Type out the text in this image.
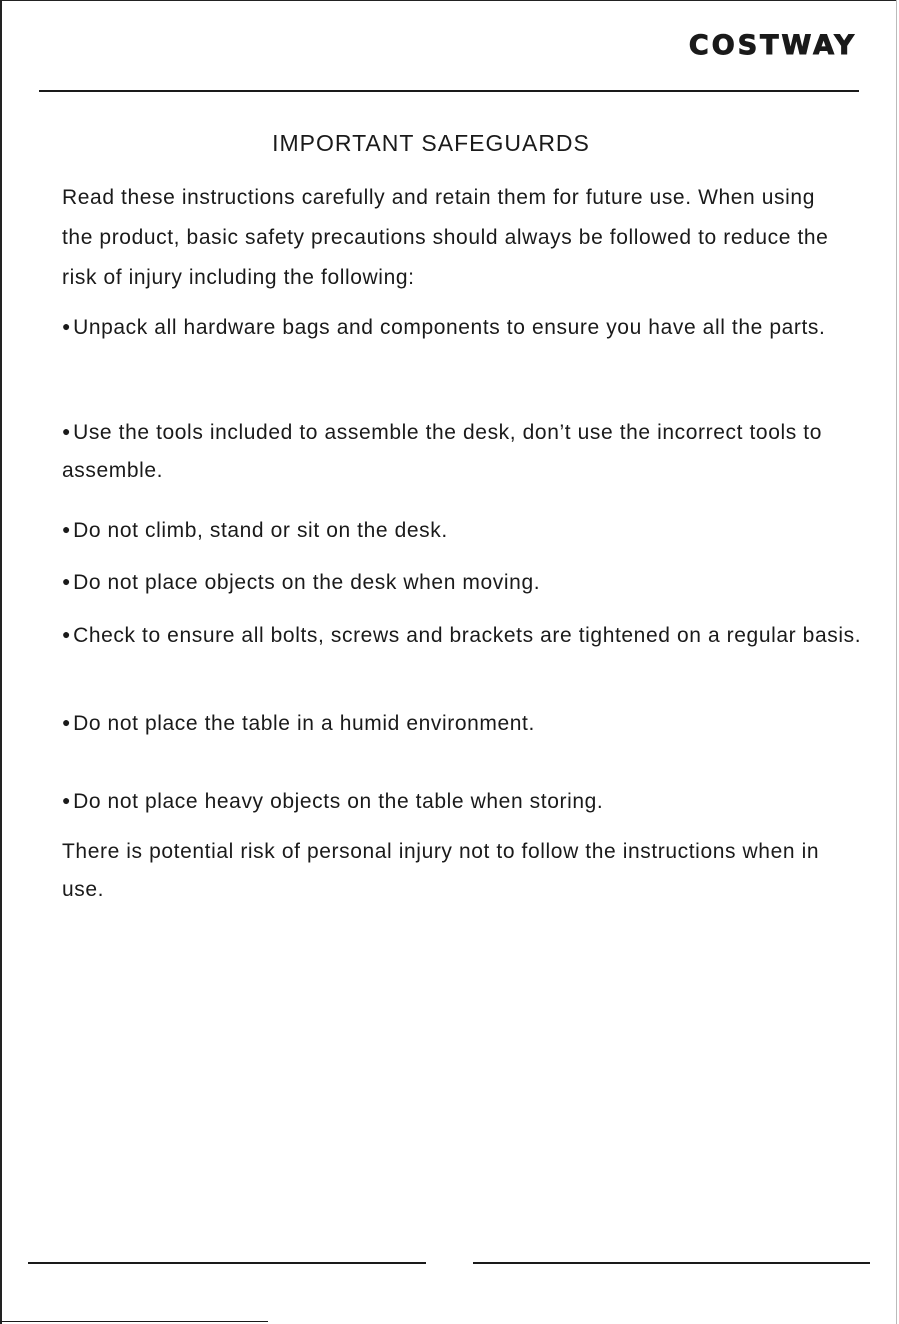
COSTWAY
IMPORTANT SAFEGUARDS
Read these instructions carefully and retain them for future use. When using the product, basic safety precautions should always be followed to reduce the risk of injury including the following:
●Unpack all hardware bags and components to ensure you have all the parts.
●Use the tools included to assemble the desk, don’t use the incorrect tools to assemble.
●Do not climb, stand or sit on the desk.
●Do not place objects on the desk when moving.
●Check to ensure all bolts, screws and brackets are tightened on a regular basis.
●Do not place the table in a humid environment.
●Do not place heavy objects on the table when storing.
There is potential risk of personal injury not to follow the instructions when in use.
